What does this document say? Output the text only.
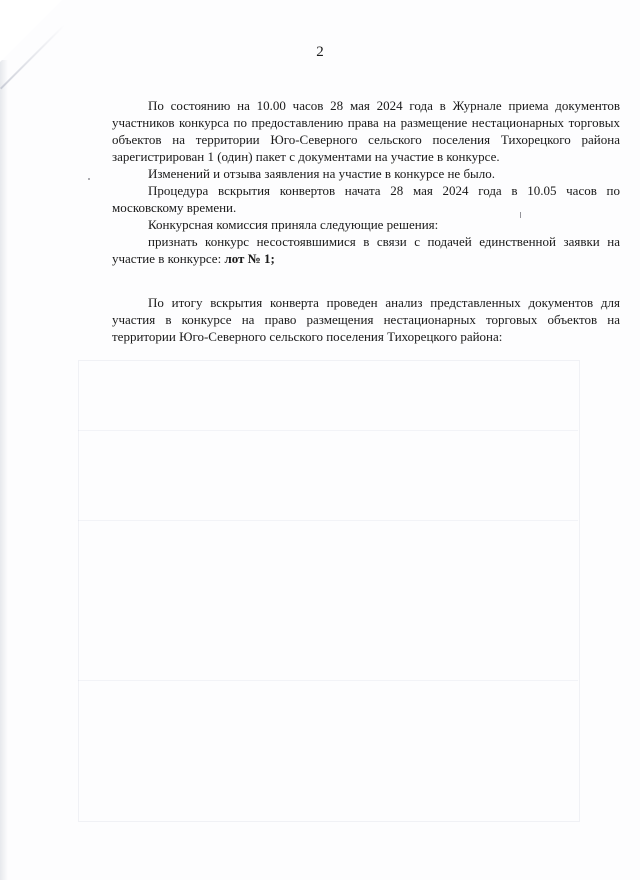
2

По состоянию на 10.00 часов 28 мая 2024 года в Журнале приема документов участников конкурса по предоставлению права на размещение нестационарных торговых объектов на территории Юго-Северного сельского поселения Тихорецкого района зарегистрирован 1 (один) пакет с документами на участие в конкурсе.

Изменений и отзыва заявления на участие в конкурсе не было.

Процедура вскрытия конвертов начата 28 мая 2024 года в 10.05 часов по московскому времени.

Конкурсная комиссия приняла следующие решения:

признать конкурс несостоявшимися в связи с подачей единственной заявки на участие в конкурсе: лот № 1;

По итогу вскрытия конверта проведен анализ представленных документов для участия в конкурсе на право размещения нестационарных торговых объектов на территории Юго-Северного сельского поселения Тихорецкого района:
